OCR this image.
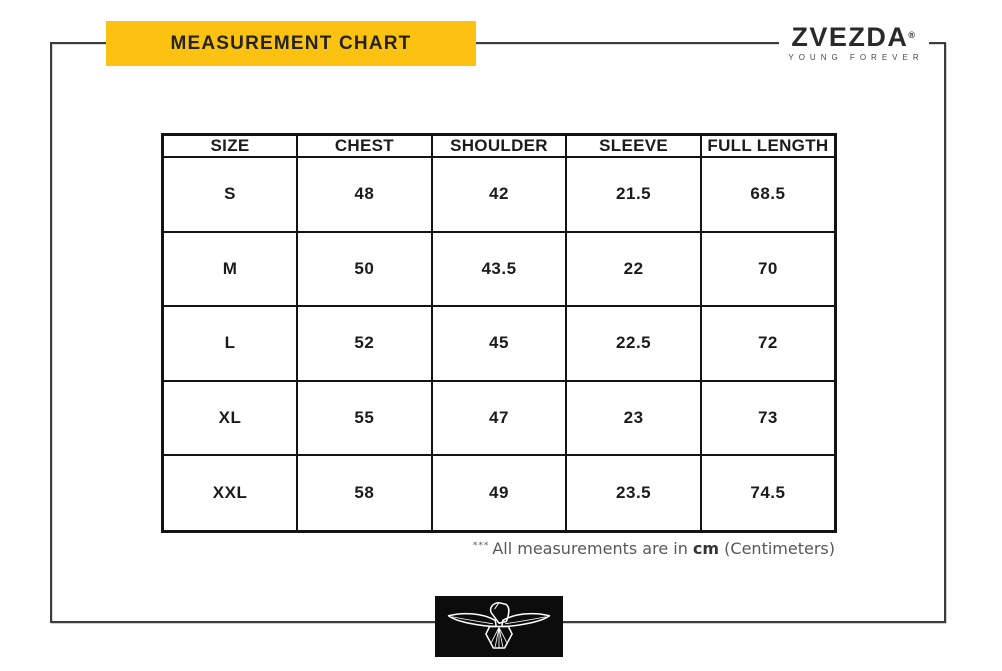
MEASUREMENT CHART	ZVEZDA®
YOUNG FOREVER
SIZE	CHEST	SHOULDER	SLEEVE	FULL LENGTH
S	48	42	21.5	68.5
M	50	43.5	22	70
L	52	45	22.5	72
XL	55	47	23	73
XXL	58	49	23.5	74.5
*** All measurements are in cm (Centimeters)
